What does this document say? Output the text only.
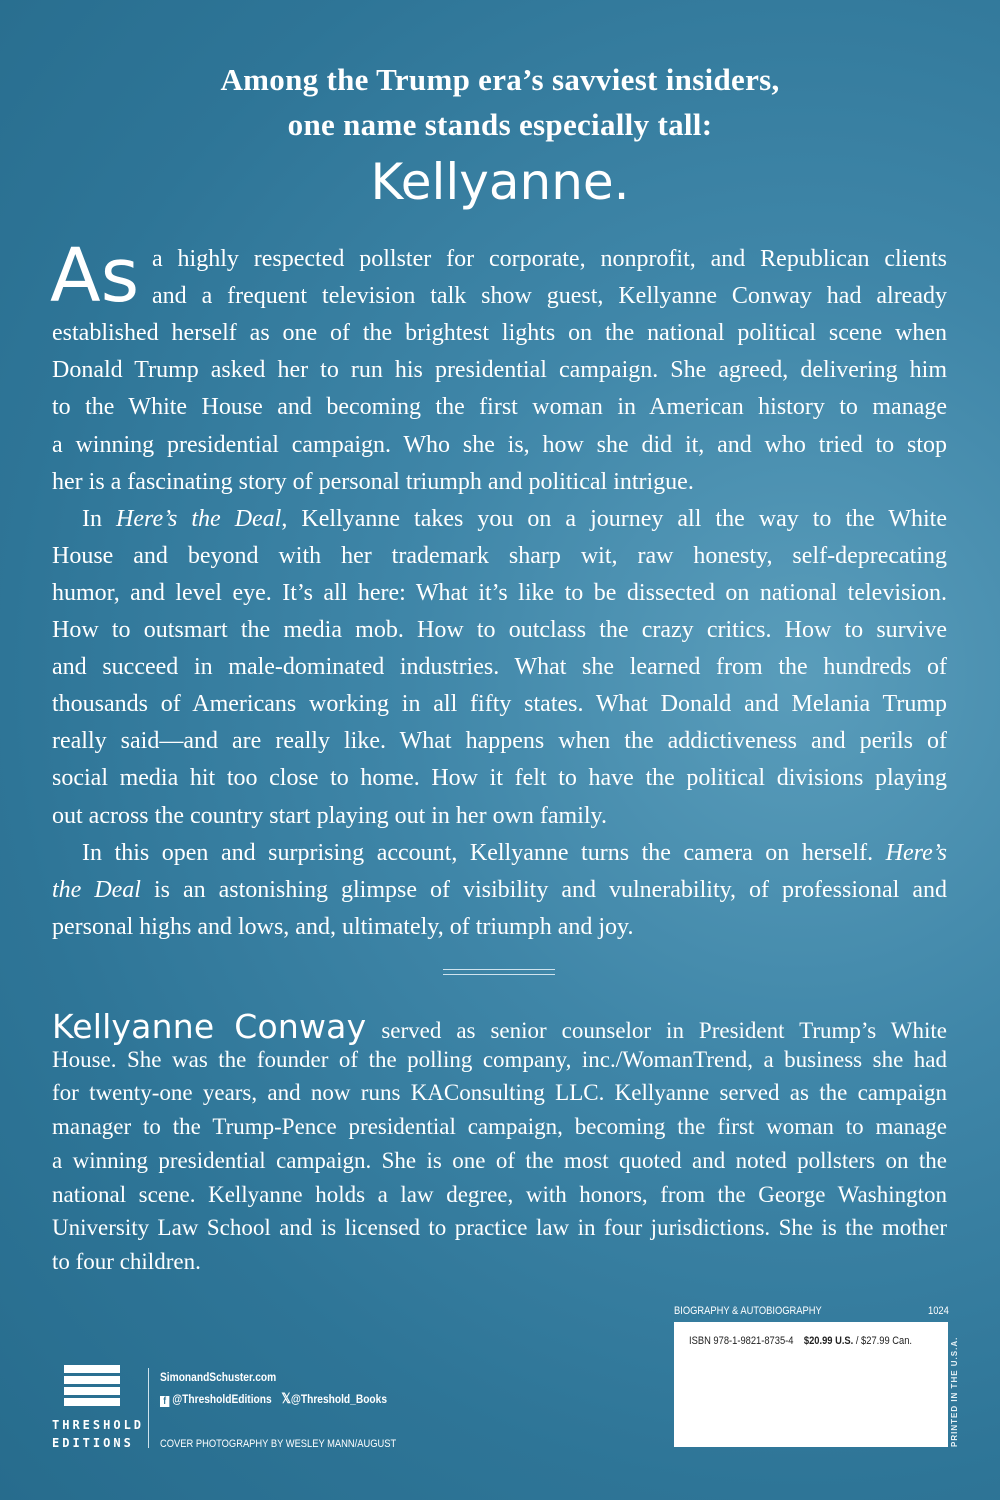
Among the Trump era’s savviest insiders,
one name stands especially tall:
Kellyanne.
As a highly respected pollster for corporate, nonprofit, and Republican clients
and a frequent television talk show guest, Kellyanne Conway had already
established herself as one of the brightest lights on the national political scene when
Donald Trump asked her to run his presidential campaign. She agreed, delivering him
to the White House and becoming the first woman in American history to manage
a winning presidential campaign. Who she is, how she did it, and who tried to stop
her is a fascinating story of personal triumph and political intrigue.
In Here’s the Deal, Kellyanne takes you on a journey all the way to the White
House and beyond with her trademark sharp wit, raw honesty, self-deprecating
humor, and level eye. It’s all here: What it’s like to be dissected on national television.
How to outsmart the media mob. How to outclass the crazy critics. How to survive
and succeed in male-dominated industries. What she learned from the hundreds of
thousands of Americans working in all fifty states. What Donald and Melania Trump
really said—and are really like. What happens when the addictiveness and perils of
social media hit too close to home. How it felt to have the political divisions playing
out across the country start playing out in her own family.
In this open and surprising account, Kellyanne turns the camera on herself. Here’s
the Deal is an astonishing glimpse of visibility and vulnerability, of professional and
personal highs and lows, and, ultimately, of triumph and joy.
Kellyanne Conway served as senior counselor in President Trump’s White
House. She was the founder of the polling company, inc./WomanTrend, a business she had
for twenty-one years, and now runs KAConsulting LLC. Kellyanne served as the campaign
manager to the Trump-Pence presidential campaign, becoming the first woman to manage
a winning presidential campaign. She is one of the most quoted and noted pollsters on the
national scene. Kellyanne holds a law degree, with honors, from the George Washington
University Law School and is licensed to practice law in four jurisdictions. She is the mother
to four children.
THRESHOLD
EDITIONS
SimonandSchuster.com
f @ThresholdEditions 𝕏@Threshold_Books
COVER PHOTOGRAPHY BY WESLEY MANN/AUGUST
BIOGRAPHY & AUTOBIOGRAPHY	1024
ISBN 978-1-9821-8735-4 $20.99 U.S. / $27.99 Can.	PRINTED IN THE U.S.A.
